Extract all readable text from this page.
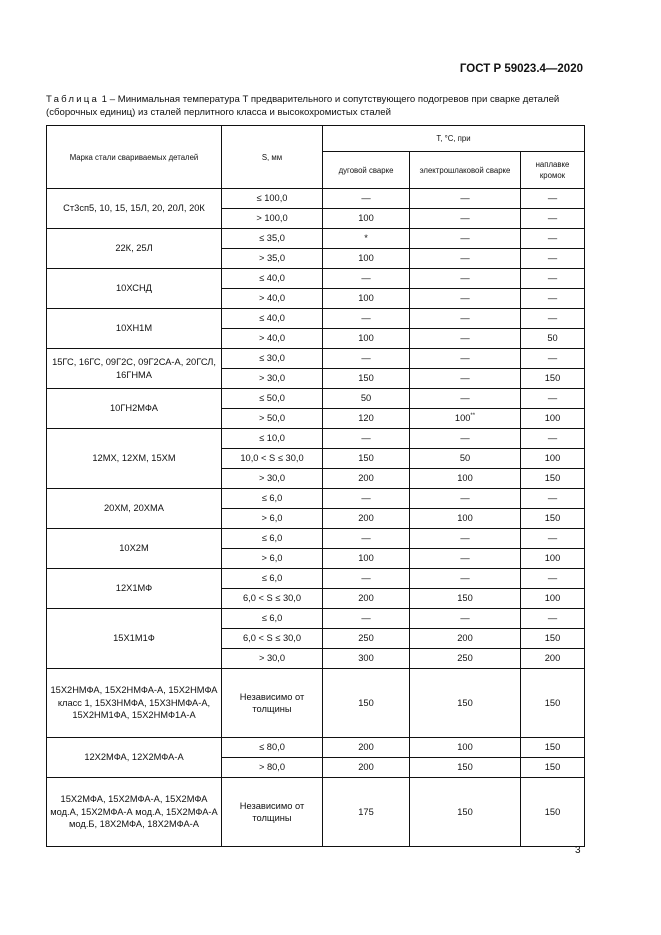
ГОСТ Р 59023.4—2020
Таблица 1 – Минимальная температура T предварительного и сопутствующего подогревов при сварке деталей (сборочных единиц) из сталей перлитного класса и высокохромистых сталей
Марка стали свариваемых деталей	S, мм	T, °C, при		
		дуговой сварке	электрошлаковой сварке	наплавке кромок
Ст3сп5, 10, 15, 15Л, 20, 20Л, 20К	≤ 100,0	—	—	—
	> 100,0	100	—	—
22К, 25Л	≤ 35,0	*	—	—
	> 35,0	100	—	—
10ХСНД	≤ 40,0	—	—	—
	> 40,0	100	—	—
10ХН1М	≤ 40,0	—	—	—
	> 40,0	100	—	50
15ГС, 16ГС, 09Г2С, 09Г2СА-А, 20ГСЛ, 16ГНМА	≤ 30,0	—	—	—
	> 30,0	150	—	150
10ГН2МФА	≤ 50,0	50	—	—
	> 50,0	120	100**	100
12МХ, 12ХМ, 15ХМ	≤ 10,0	—	—	—
	10,0 < S ≤ 30,0	150	50	100
	> 30,0	200	100	150
20ХМ, 20ХМА	≤ 6,0	—	—	—
	> 6,0	200	100	150
10Х2М	≤ 6,0	—	—	—
	> 6,0	100	—	100
12Х1МФ	≤ 6,0	—	—	—
	6,0 < S ≤ 30,0	200	150	100
15Х1М1Ф	≤ 6,0	—	—	—
	6,0 < S ≤ 30,0	250	200	150
	> 30,0	300	250	200
15Х2НМФА, 15Х2НМФА-А, 15Х2НМФА класс 1, 15Х3НМФА, 15Х3НМФА-А, 15Х2НМ1ФА, 15Х2НМФ1А-А	Независимо от толщины	150	150	150
12Х2МФА, 12Х2МФА-А	≤ 80,0	200	100	150
	> 80,0	200	150	150
15Х2МФА, 15Х2МФА-А, 15Х2МФА мод.А, 15Х2МФА-А мод.А, 15Х2МФА-А мод.Б, 18Х2МФА, 18Х2МФА-А	Независимо от толщины	175	150	150
3
